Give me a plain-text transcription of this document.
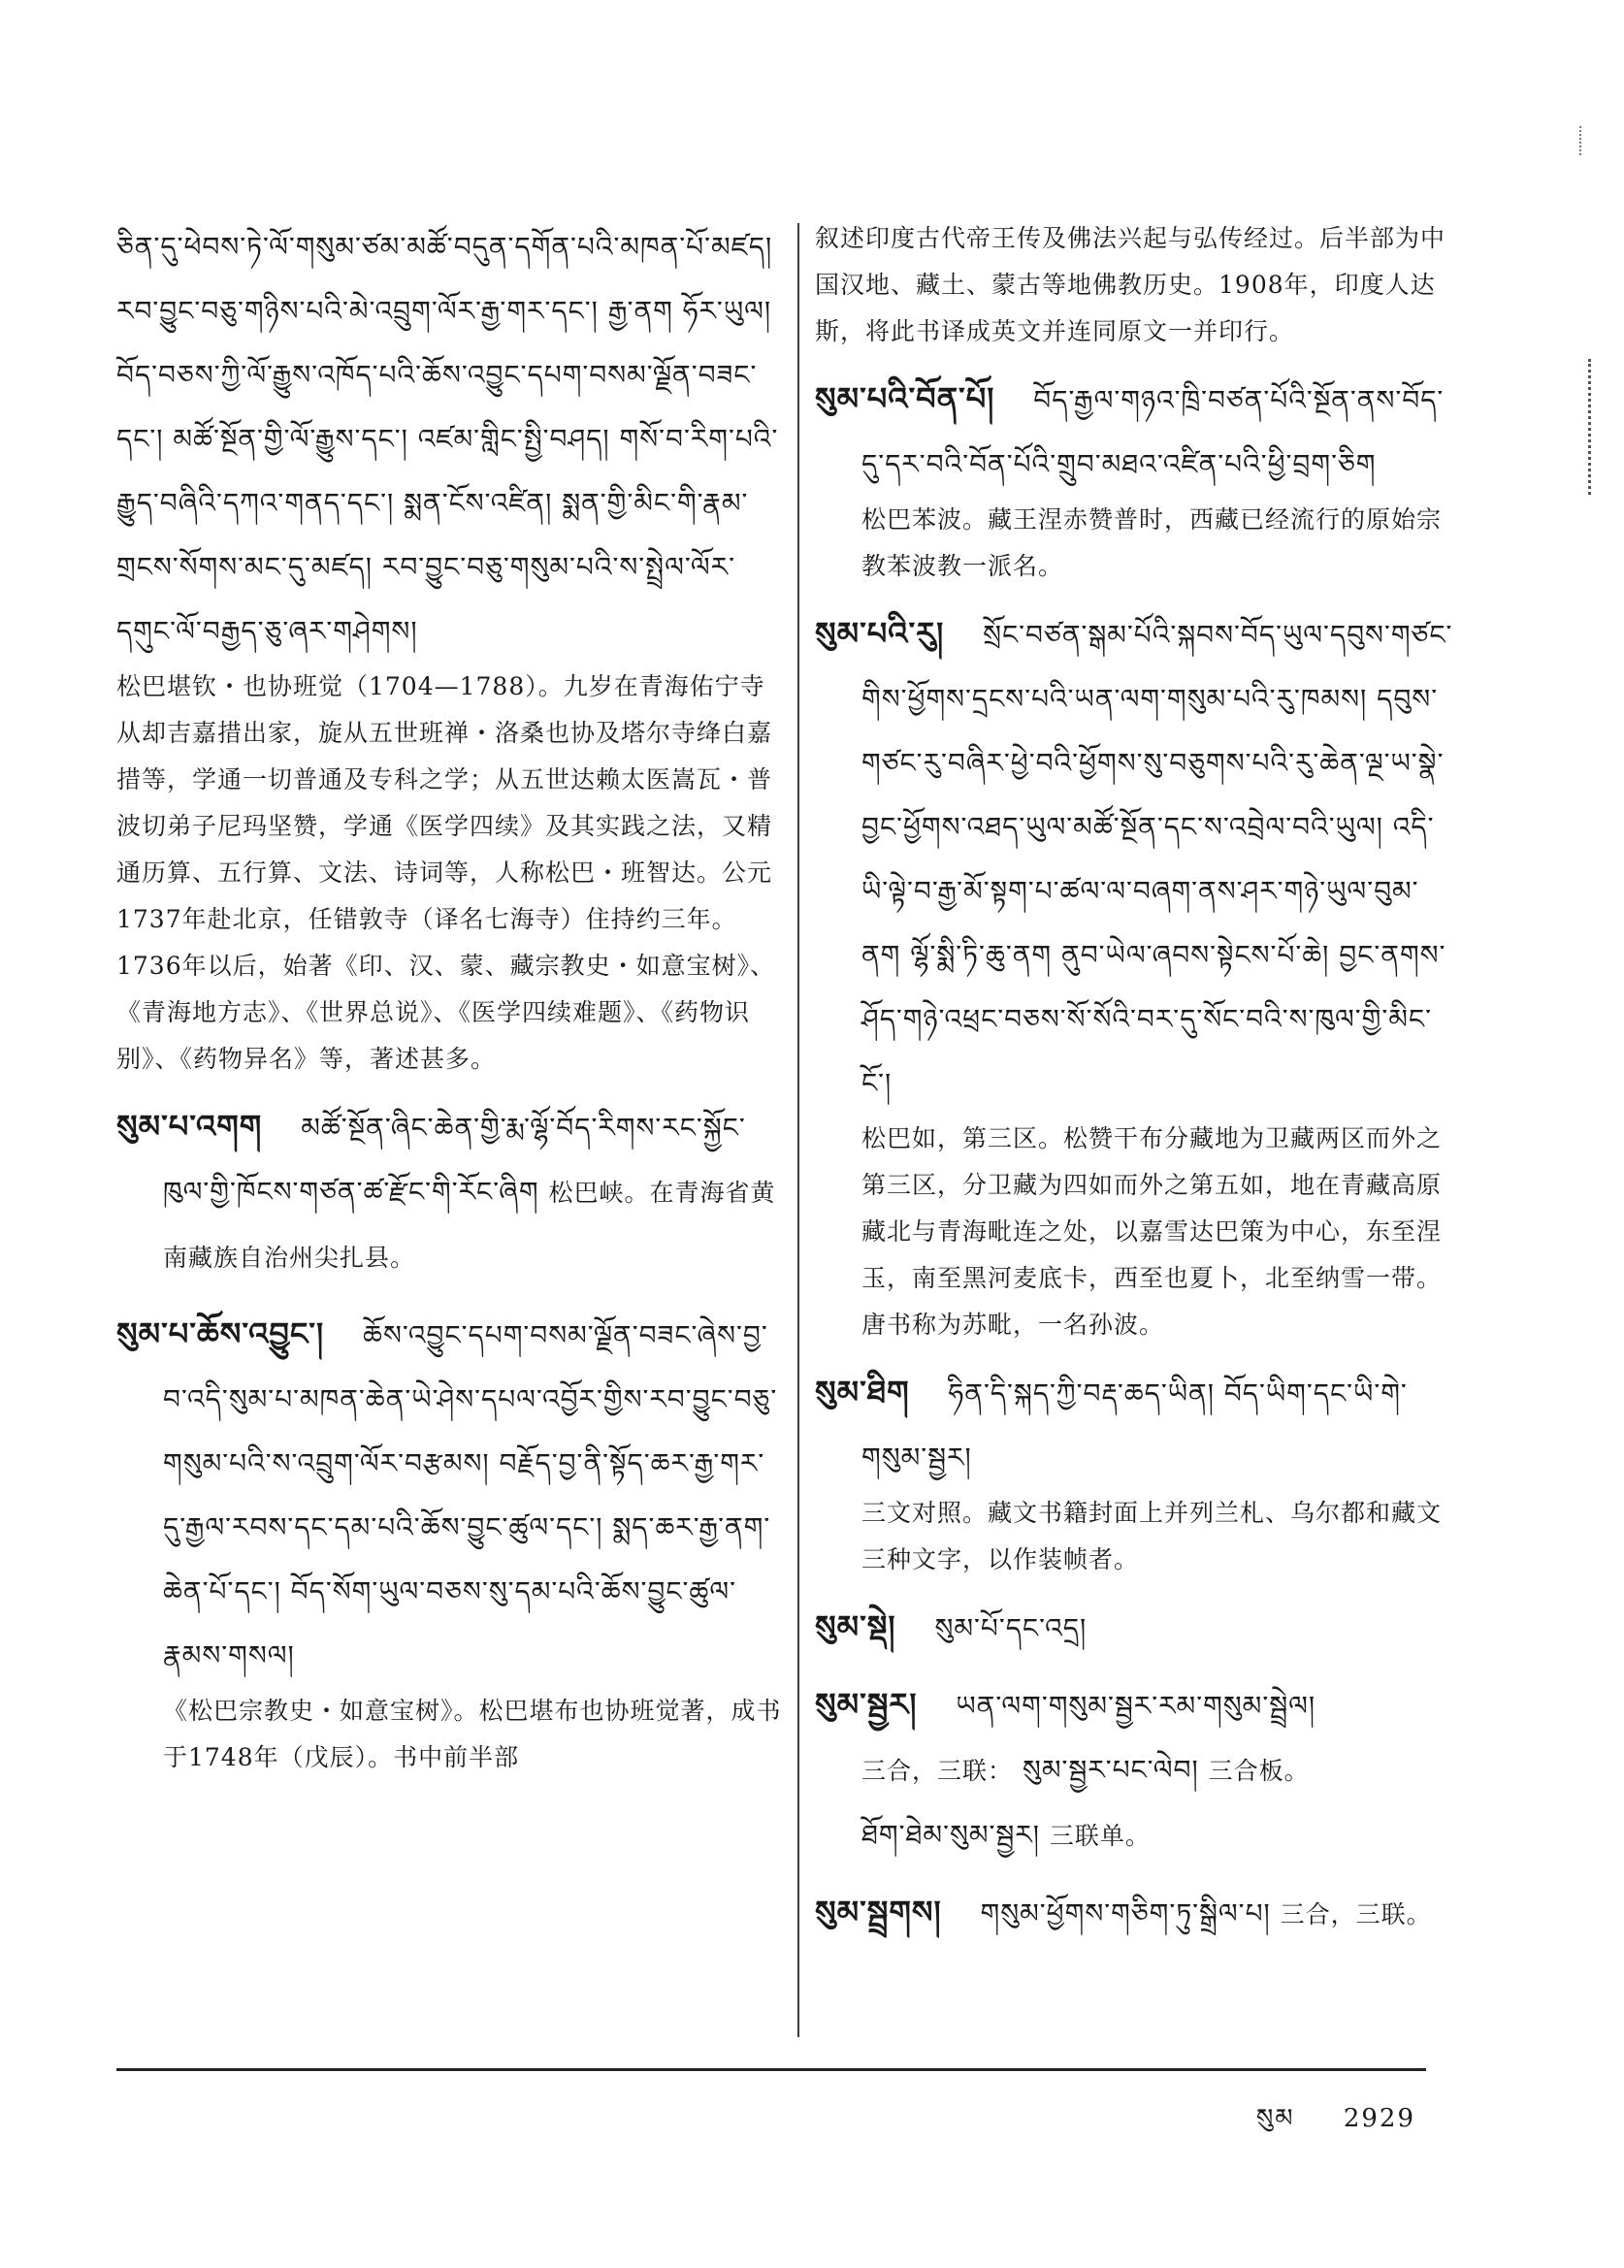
ཅིན་དུ་ཕེབས་ཏེ་ལོ་གསུམ་ཙམ་མཚོ་བདུན་དགོན་པའི་མཁན་པོ་མཛད། རབ་བྱུང་བཅུ་གཉིས་པའི་མེ་འབྲུག་ལོར་རྒྱ་གར་དང་། རྒྱ་ནག ཧོར་ཡུལ། བོད་བཅས་ཀྱི་ལོ་རྒྱུས་འཁོད་པའི་ཆོས་འབྱུང་དཔག་བསམ་ལྗོན་བཟང་དང་། མཚོ་སྔོན་གྱི་ལོ་རྒྱུས་དང་། འཛམ་གླིང་སྤྱི་བཤད། གསོ་བ་རིག་པའི་རྒྱུད་བཞིའི་དཀའ་གནད་དང་། སྨན་ངོས་འཛིན། སྨན་གྱི་མིང་གི་རྣམ་གྲངས་སོགས་མང་དུ་མཛད། རབ་བྱུང་བཅུ་གསུམ་པའི་ས་སྤྲེལ་ལོར་དགུང་ལོ་བརྒྱད་ཅུ་ཞར་གཤེགས།
松巴堪钦・也协班觉（1704—1788）。九岁在青海佑宁寺从却吉嘉措出家，旋从五世班禅・洛桑也协及塔尔寺绛白嘉措等，学通一切普通及专科之学；从五世达赖太医嵩瓦・普波切弟子尼玛坚赞，学通《医学四续》及其实践之法，又精通历算、五行算、文法、诗词等，人称松巴・班智达。公元1737年赴北京，任错敦寺（译名七海寺）住持约三年。1736年以后，始著《印、汉、蒙、藏宗教史・如意宝树》、《青海地方志》、《世界总说》、《医学四续难题》、《药物识别》、《药物异名》等，著述甚多。
སུམ་པ་འགག མཚོ་སྔོན་ཞིང་ཆེན་གྱི་རྨ་ལྷོ་བོད་རིགས་རང་སྐྱོང་ཁུལ་གྱི་ཁོངས་གཙན་ཚ་རྫོང་གི་རོང་ཞིག 松巴峡。在青海省黄南藏族自治州尖扎县。
སུམ་པ་ཆོས་འབྱུང་། ཆོས་འབྱུང་དཔག་བསམ་ལྗོན་བཟང་ཞེས་བྱ་བ་འདི་སུམ་པ་མཁན་ཆེན་ཡེ་ཤེས་དཔལ་འབྱོར་གྱིས་རབ་བྱུང་བཅུ་གསུམ་པའི་ས་འབྲུག་ལོར་བརྩམས། བརྗོད་བྱ་ནི་སྟོད་ཆར་རྒྱ་གར་དུ་རྒྱལ་རབས་དང་དམ་པའི་ཆོས་བྱུང་ཚུལ་དང་། སྨད་ཆར་རྒྱ་ནག་ཆེན་པོ་དང་། བོད་སོག་ཡུལ་བཅས་སུ་དམ་པའི་ཆོས་བྱུང་ཚུལ་རྣམས་གསལ།
《松巴宗教史・如意宝树》。松巴堪布也协班觉著，成书于1748年（戊辰）。书中前半部
叙述印度古代帝王传及佛法兴起与弘传经过。后半部为中国汉地、藏土、蒙古等地佛教历史。1908年，印度人达斯，将此书译成英文并连同原文一并印行。
སུམ་པའི་བོན་པོ། བོད་རྒྱལ་གཉའ་ཁྲི་བཙན་པོའི་སྔོན་ནས་བོད་དུ་དར་བའི་བོན་པོའི་གྲུབ་མཐའ་འཛིན་པའི་ཕྱི་བྲག་ཅིག
松巴苯波。藏王涅赤赞普时，西藏已经流行的原始宗教苯波教一派名。
སུམ་པའི་རུ། སྲོང་བཙན་སྒམ་པོའི་སྐབས་བོད་ཡུལ་དབུས་གཙང་གིས་ཕྱོགས་དྲངས་པའི་ཡན་ལག་གསུམ་པའི་རུ་ཁམས། དབུས་གཙང་རུ་བཞིར་ཕྱེ་བའི་ཕྱོགས་སུ་བཅུགས་པའི་རུ་ཆེན་ལྔ་ཡ་སྣེ་བྱང་ཕྱོགས་འཐད་ཡུལ་མཚོ་སྔོན་དང་ས་འབྲེལ་བའི་ཡུལ། འདི་ཡི་ལྟེ་བ་རྒྱ་མོ་སྟག་པ་ཚལ་ལ་བཞག་ནས་ཤར་གཉེ་ཡུལ་བུམ་ནག ལྷོ་སྨི་ཏི་ཆུ་ནག ནུབ་ཡེལ་ཞབས་སྟེངས་པོ་ཆེ། བྱང་ནགས་ཤོད་གཉེ་འཕྲང་བཅས་སོ་སོའི་བར་དུ་སོང་བའི་ས་ཁུལ་གྱི་མིང་ངོ་།
松巴如，第三区。松赞干布分藏地为卫藏两区而外之第三区，分卫藏为四如而外之第五如，地在青藏高原藏北与青海毗连之处，以嘉雪达巴策为中心，东至涅玉，南至黑河麦底卡，西至也夏卜，北至纳雪一带。唐书称为苏毗，一名孙波。
སུམ་ཐིག ཧིན་དི་སྐད་ཀྱི་བརྡ་ཆད་ཡིན། བོད་ཡིག་དང་ཡི་གེ་གསུམ་སྦྱར།
三文对照。藏文书籍封面上并列兰札、乌尔都和藏文三种文字，以作装帧者。
སུམ་སྡེ། སུམ་པོ་དང་འདྲ།
སུམ་སྦྱར། ཡན་ལག་གསུམ་སྦྱར་རམ་གསུམ་སྦྲེལ།
三合，三联： སུམ་སྦྱར་པང་ལེབ། 三合板。
ཐོག་ཐེམ་སུམ་སྦྱར། 三联单。
སུམ་སྦྲགས། གསུམ་ཕྱོགས་གཅིག་ཏུ་སྒྲིལ་པ། 三合，三联。
སུམ 2929
